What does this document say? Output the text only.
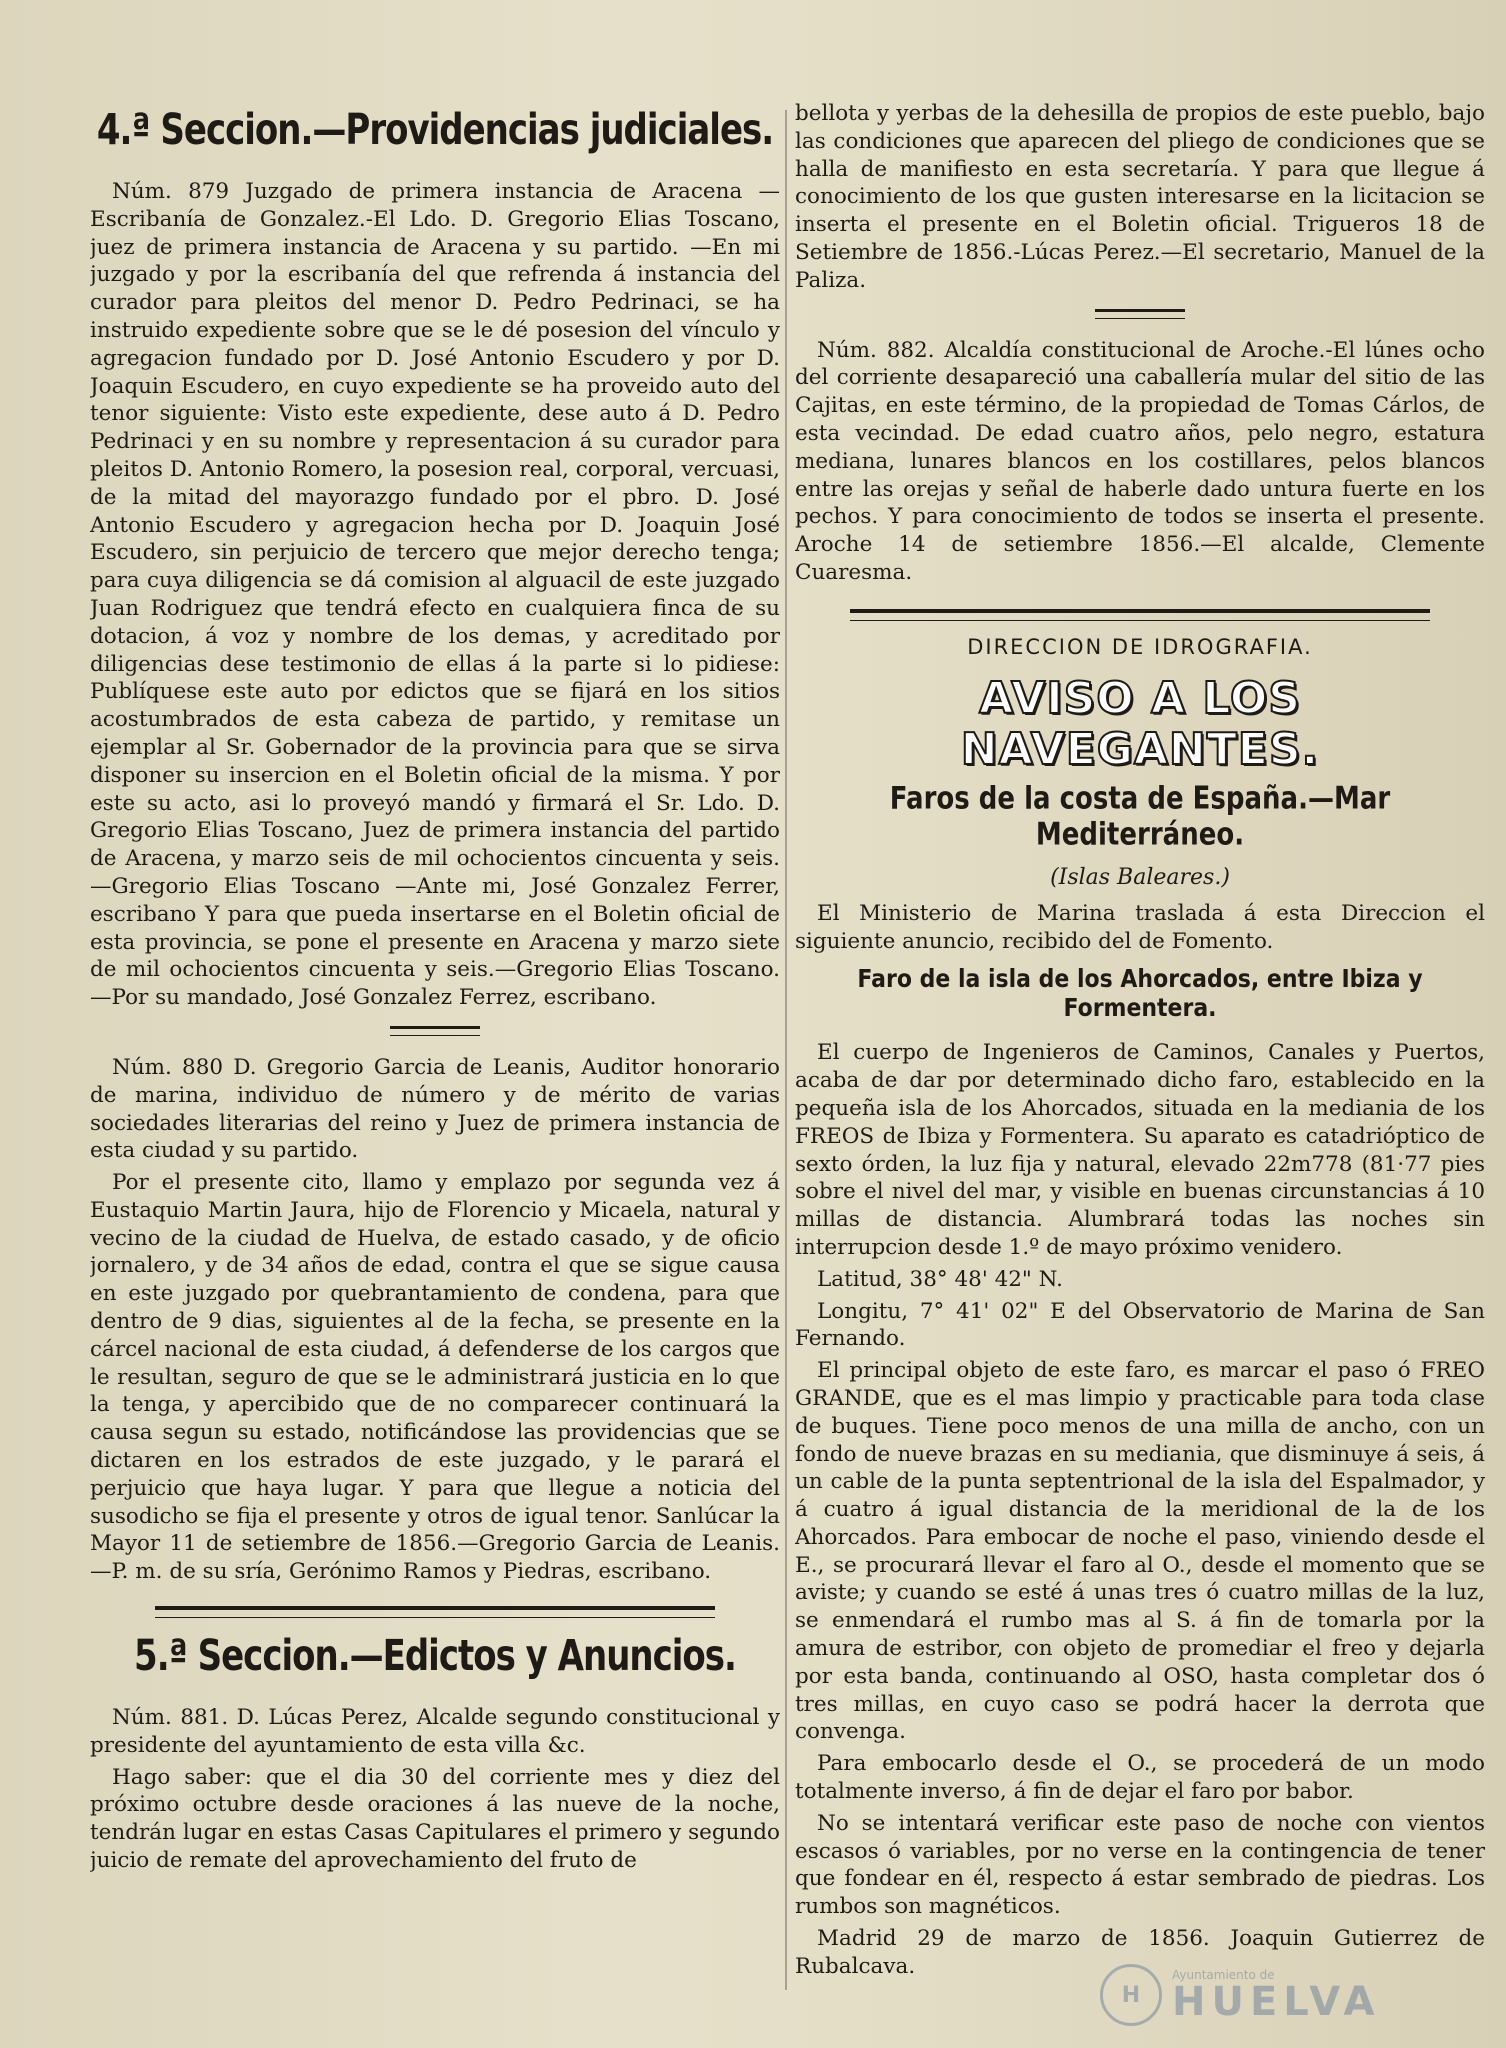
4.ª Seccion.—Providencias judiciales.

Núm. 879 Juzgado de primera instancia de Aracena —Escribanía de Gonzalez.-El Ldo. D. Gregorio Elias Toscano, juez de primera instancia de Aracena y su partido. —En mi juzgado y por la escribanía del que refrenda á instancia del curador para pleitos del menor D. Pedro Pedrinaci, se ha instruido expediente sobre que se le dé posesion del vínculo y agregacion fundado por D. José Antonio Escudero y por D. Joaquin Escudero, en cuyo expediente se ha proveido auto del tenor siguiente: Visto este expediente, dese auto á D. Pedro Pedrinaci y en su nombre y representacion á su curador para pleitos D. Antonio Romero, la posesion real, corporal, vercuasi, de la mitad del mayorazgo fundado por el pbro. D. José Antonio Escudero y agregacion hecha por D. Joaquin José Escudero, sin perjuicio de tercero que mejor derecho tenga; para cuya diligencia se dá comision al alguacil de este juzgado Juan Rodriguez que tendrá efecto en cualquiera finca de su dotacion, á voz y nombre de los demas, y acreditado por diligencias dese testimonio de ellas á la parte si lo pidiese: Publíquese este auto por edictos que se fijará en los sitios acostumbrados de esta cabeza de partido, y remitase un ejemplar al Sr. Gobernador de la provincia para que se sirva disponer su insercion en el Boletin oficial de la misma. Y por este su acto, asi lo proveyó mandó y firmará el Sr. Ldo. D. Gregorio Elias Toscano, Juez de primera instancia del partido de Aracena, y marzo seis de mil ochocientos cincuenta y seis.—Gregorio Elias Toscano —Ante mi, José Gonzalez Ferrer, escribano Y para que pueda insertarse en el Boletin oficial de esta provincia, se pone el presente en Aracena y marzo siete de mil ochocientos cincuenta y seis.—Gregorio Elias Toscano.—Por su mandado, José Gonzalez Ferrez, escribano.

Núm. 880 D. Gregorio Garcia de Leanis, Auditor honorario de marina, individuo de número y de mérito de varias sociedades literarias del reino y Juez de primera instancia de esta ciudad y su partido.

Por el presente cito, llamo y emplazo por segunda vez á Eustaquio Martin Jaura, hijo de Florencio y Micaela, natural y vecino de la ciudad de Huelva, de estado casado, y de oficio jornalero, y de 34 años de edad, contra el que se sigue causa en este juzgado por quebrantamiento de condena, para que dentro de 9 dias, siguientes al de la fecha, se presente en la cárcel nacional de esta ciudad, á defenderse de los cargos que le resultan, seguro de que se le administrará justicia en lo que la tenga, y apercibido que de no comparecer continuará la causa segun su estado, notificándose las providencias que se dictaren en los estrados de este juzgado, y le parará el perjuicio que haya lugar. Y para que llegue a noticia del susodicho se fija el presente y otros de igual tenor. Sanlúcar la Mayor 11 de setiembre de 1856.—Gregorio Garcia de Leanis.—P. m. de su sría, Gerónimo Ramos y Piedras, escribano.

5.ª Seccion.—Edictos y Anuncios.

Núm. 881. D. Lúcas Perez, Alcalde segundo constitucional y presidente del ayuntamiento de esta villa &c.

Hago saber: que el dia 30 del corriente mes y diez del próximo octubre desde oraciones á las nueve de la noche, tendrán lugar en estas Casas Capitulares el primero y segundo juicio de remate del aprovechamiento del fruto de

bellota y yerbas de la dehesilla de propios de este pueblo, bajo las condiciones que aparecen del pliego de condiciones que se halla de manifiesto en esta secretaría. Y para que llegue á conocimiento de los que gusten interesarse en la licitacion se inserta el presente en el Boletin oficial. Trigueros 18 de Setiembre de 1856.-Lúcas Perez.—El secretario, Manuel de la Paliza.

Núm. 882. Alcaldía constitucional de Aroche.-El lúnes ocho del corriente desapareció una caballería mular del sitio de las Cajitas, en este término, de la propiedad de Tomas Cárlos, de esta vecindad. De edad cuatro años, pelo negro, estatura mediana, lunares blancos en los costillares, pelos blancos entre las orejas y señal de haberle dado untura fuerte en los pechos. Y para conocimiento de todos se inserta el presente. Aroche 14 de setiembre 1856.—El alcalde, Clemente Cuaresma.

DIRECCION DE IDROGRAFIA.
AVISO A LOS NAVEGANTES.
Faros de la costa de España.—Mar Mediterráneo.
(Islas Baleares.)

El Ministerio de Marina traslada á esta Direccion el siguiente anuncio, recibido del de Fomento.

Faro de la isla de los Ahorcados, entre Ibiza y Formentera.

El cuerpo de Ingenieros de Caminos, Canales y Puertos, acaba de dar por determinado dicho faro, establecido en la pequeña isla de los Ahorcados, situada en la mediania de los FREOS de Ibiza y Formentera. Su aparato es catadrióptico de sexto órden, la luz fija y natural, elevado 22m778 (81·77 pies sobre el nivel del mar, y visible en buenas circunstancias á 10 millas de distancia. Alumbrará todas las noches sin interrupcion desde 1.º de mayo próximo venidero.

Latitud, 38° 48' 42" N.

Longitu, 7° 41' 02" E del Observatorio de Marina de San Fernando.

El principal objeto de este faro, es marcar el paso ó FREO GRANDE, que es el mas limpio y practicable para toda clase de buques. Tiene poco menos de una milla de ancho, con un fondo de nueve brazas en su mediania, que disminuye á seis, á un cable de la punta septentrional de la isla del Espalmador, y á cuatro á igual distancia de la meridional de la de los Ahorcados. Para embocar de noche el paso, viniendo desde el E., se procurará llevar el faro al O., desde el momento que se aviste; y cuando se esté á unas tres ó cuatro millas de la luz, se enmendará el rumbo mas al S. á fin de tomarla por la amura de estribor, con objeto de promediar el freo y dejarla por esta banda, continuando al OSO, hasta completar dos ó tres millas, en cuyo caso se podrá hacer la derrota que convenga.

Para embocarlo desde el O., se procederá de un modo totalmente inverso, á fin de dejar el faro por babor.

No se intentará verificar este paso de noche con vientos escasos ó variables, por no verse en la contingencia de tener que fondear en él, respecto á estar sembrado de piedras. Los rumbos son magnéticos.

Madrid 29 de marzo de 1856. Joaquin Gutierrez de Rubalcava.

H
Ayuntamiento de
HUELVA
